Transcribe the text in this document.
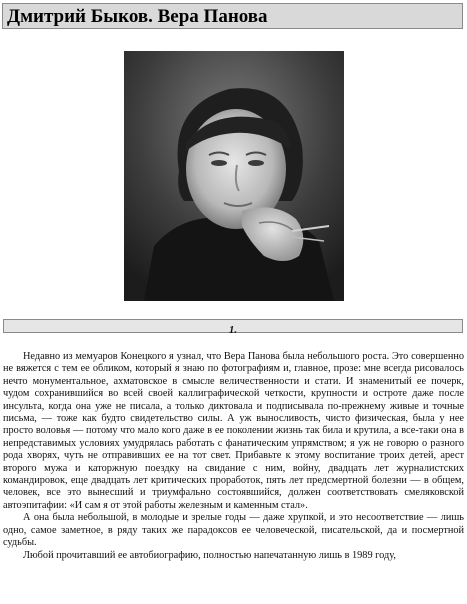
Дмитрий Быков. Вера Панова
1.

Недавно из мемуаров Конецкого я узнал, что Вера Панова была небольшого роста. Это совершенно не вяжется с тем ее обликом, который я знаю по фотографиям и, главное, прозе: мне всегда рисовалось нечто монументальное, ахматовское в смысле величественности и стати. И знаменитый ее почерк, чудом сохранившийся во всей своей каллиграфической четкости, крупности и остроте даже после инсульта, когда она уже не писала, а только диктовала и подписывала по-прежнему живые и точные письма, — тоже как будто свидетельство силы. А уж выносливость, чисто физическая, была у нее просто воловья — потому что мало кого даже в ее поколении жизнь так била и крутила, а все-таки она в непредставимых условиях умудрялась работать с фанатическим упрямством; я уж не говорю о разного рода хворях, чуть не отправивших ее на тот свет. Прибавьте к этому воспитание троих детей, арест второго мужа и каторжную поездку на свидание с ним, войну, двадцать лет журналистских командировок, еще двадцать лет критических проработок, пять лет предсмертной болезни — в общем, человек, все это вынесший и триумфально состоявшийся, должен соответствовать смеляковской автоэпитафии: «И сам я от этой работы железным и каменным стал».

А она была небольшой, в молодые и зрелые годы — даже хрупкой, и это несоответствие — лишь одно, самое заметное, в ряду таких же парадоксов ее человеческой, писательской, да и посмертной судьбы.

Любой прочитавший ее автобиографию, полностью напечатанную лишь в 1989 году,
